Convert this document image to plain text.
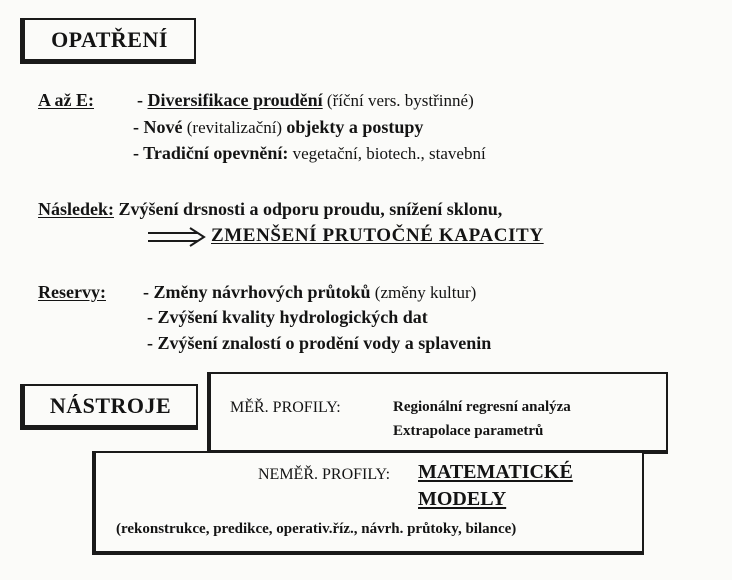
OPATŘENÍ
A až E: - Diversifikace proudění (říční vers. bystřinné)
- Nové (revitalizační) objekty a postupy
- Tradiční opevnění: vegetační, biotech., stavební
Následek: Zvýšení drsnosti a odporu proudu, snížení sklonu,
ZMENŠENÍ PRUTOČNÉ KAPACITY
Reservy: - Změny návrhových průtoků (změny kultur)
- Zvýšení kvality hydrologických dat
- Zvýšení znalostí o prodění vody a splavenin
NÁSTROJE	MĚŘ. PROFILY:	Regionální regresní analýza
Extrapolace parametrů
NEMĚŘ. PROFILY: MATEMATICKÉ
MODELY
(rekonstrukce, predikce, operativ.říz., návrh. průtoky, bilance)
